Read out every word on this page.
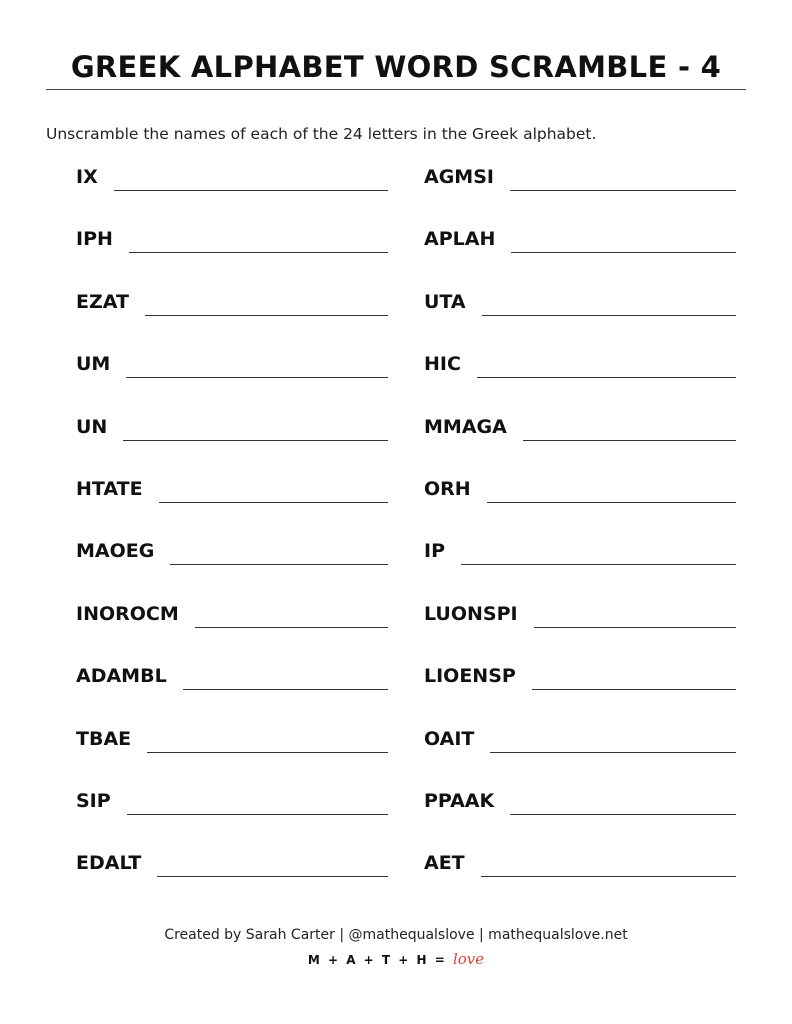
GREEK ALPHABET WORD SCRAMBLE - 4

Unscramble the names of each of the 24 letters in the Greek alphabet.

IX
IPH
EZAT
UM
UN
HTATE
MAOEG
INOROCM
ADAMBL
TBAE
SIP
EDALT
AGMSI
APLAH
UTA
HIC
MMAGA
ORH
IP
LUONSPI
LIOENSP
OAIT
PPAAK
AET
Created by Sarah Carter | @mathequalslove | mathequalslove.net
M + A + T + H = love
